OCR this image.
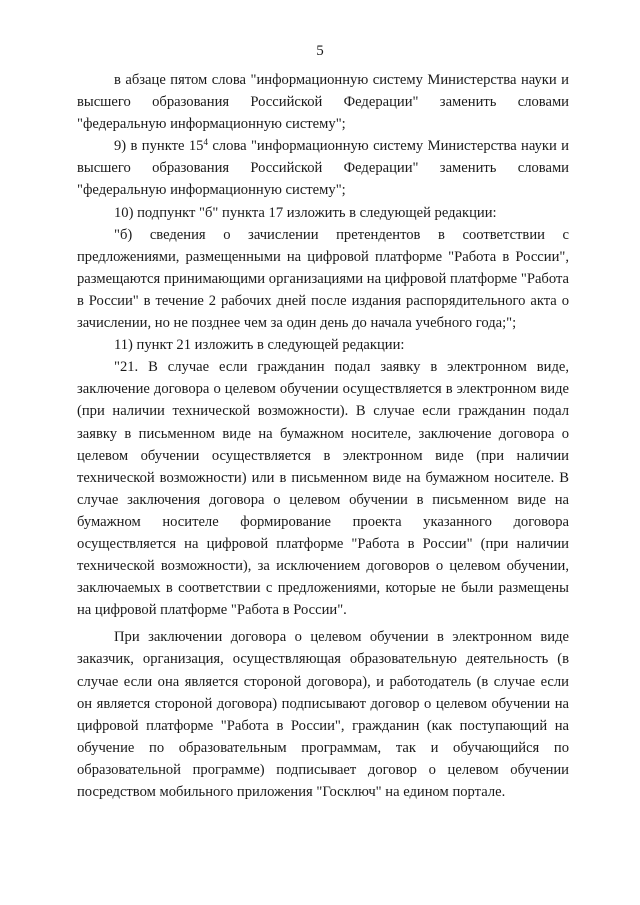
5

в абзаце пятом слова "информационную систему Министерства науки и высшего образования Российской Федерации" заменить словами "федеральную информационную систему";

9) в пункте $15^4$ слова "информационную систему Министерства науки и высшего образования Российской Федерации" заменить словами "федеральную информационную систему";

10) подпункт "б" пункта 17 изложить в следующей редакции:

"б) сведения о зачислении претендентов в соответствии с предложениями, размещенными на цифровой платформе "Работа в России", размещаются принимающими организациями на цифровой платформе "Работа в России" в течение 2 рабочих дней после издания распорядительного акта о зачислении, но не позднее чем за один день до начала учебного года;";

11) пункт 21 изложить в следующей редакции:

"21. В случае если гражданин подал заявку в электронном виде, заключение договора о целевом обучении осуществляется в электронном виде (при наличии технической возможности). В случае если гражданин подал заявку в письменном виде на бумажном носителе, заключение договора о целевом обучении осуществляется в электронном виде (при наличии технической возможности) или в письменном виде на бумажном носителе. В случае заключения договора о целевом обучении в письменном виде на бумажном носителе формирование проекта указанного договора осуществляется на цифровой платформе "Работа в России" (при наличии технической возможности), за исключением договоров о целевом обучении, заключаемых в соответствии с предложениями, которые не были размещены на цифровой платформе "Работа в России".

При заключении договора о целевом обучении в электронном виде заказчик, организация, осуществляющая образовательную деятельность (в случае если она является стороной договора), и работодатель (в случае если он является стороной договора) подписывают договор о целевом обучении на цифровой платформе "Работа в России", гражданин (как поступающий на обучение по образовательным программам, так и обучающийся по образовательной программе) подписывает договор о целевом обучении посредством мобильного приложения "Госключ" на едином портале.
